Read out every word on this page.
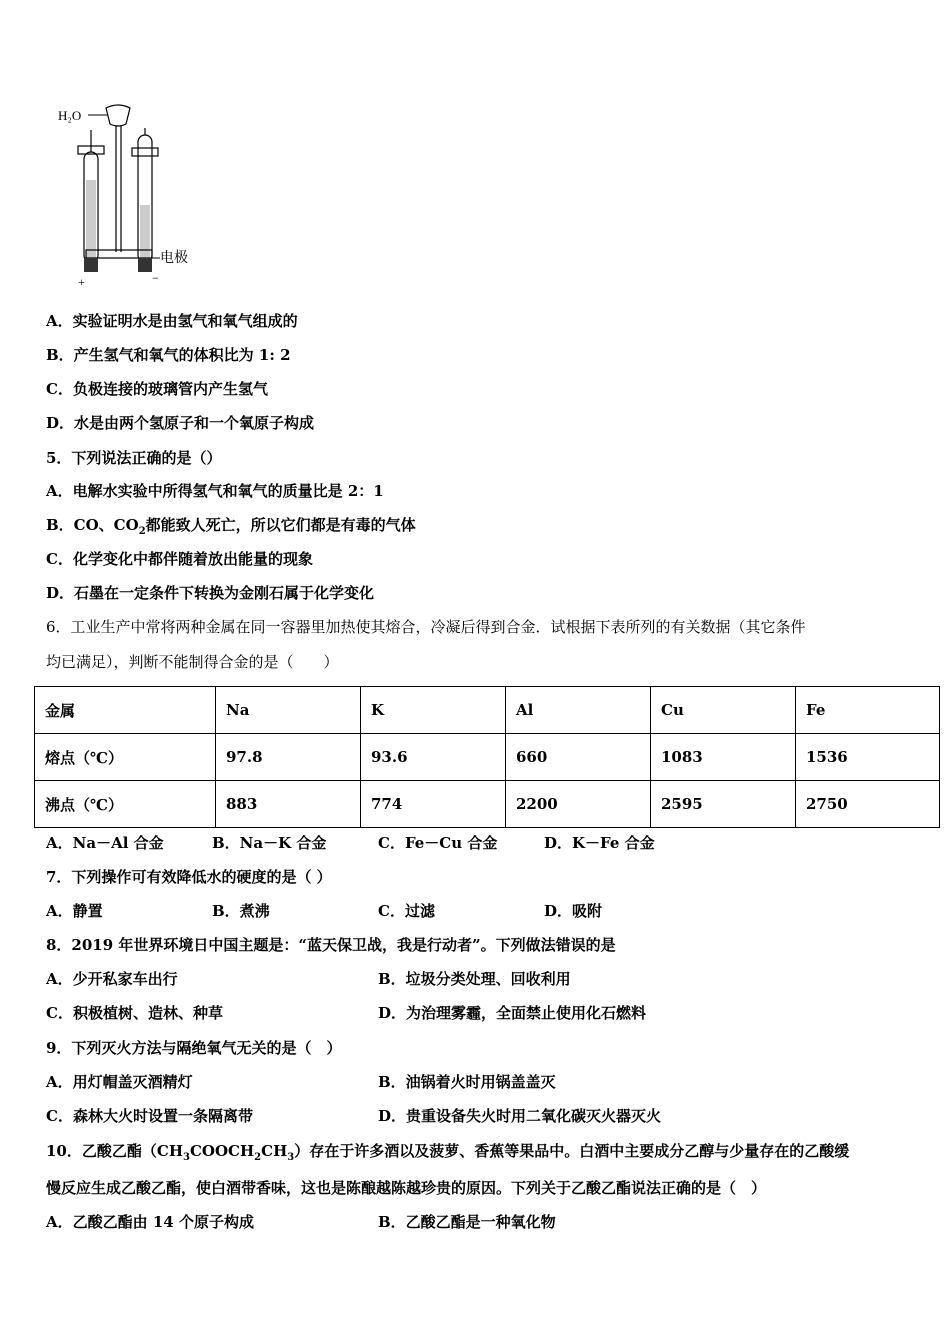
H₂O
电极
+	−
A．实验证明水是由氢气和氧气组成的
B．产生氢气和氧气的体积比为 1: 2
C．负极连接的玻璃管内产生氢气
D．水是由两个氢原子和一个氧原子构成
5．下列说法正确的是（）
A．电解水实验中所得氢气和氧气的质量比是 2：1
B．CO、$CO_2$都能致人死亡，所以它们都是有毒的气体
C．化学变化中都伴随着放出能量的现象
D．石墨在一定条件下转换为金刚石属于化学变化
6．工业生产中常将两种金属在同一容器里加热使其熔合，冷凝后得到合金．试根据下表所列的有关数据（其它条件
均已满足），判断不能制得合金的是（　　）
金属	Na	K	Al	Cu	Fe
熔点（℃）	97.8	93.6	660	1083	1536
沸点（℃）	883	774	2200	2595	2750
A．Na－Al 合金	B．Na－K 合金	C．Fe－Cu 合金	D．K－Fe 合金
7．下列操作可有效降低水的硬度的是（ ）
A．静置	B．煮沸	C．过滤	D．吸附
8．2019 年世界环境日中国主题是：“蓝天保卫战，我是行动者”。下列做法错误的是
A．少开私家车出行	B．垃圾分类处理、回收利用
C．积极植树、造林、种草	D．为治理雾霾，全面禁止使用化石燃料
9．下列灭火方法与隔绝氧气无关的是（　）
A．用灯帽盖灭酒精灯	B．油锅着火时用锅盖盖灭
C．森林大火时设置一条隔离带	D．贵重设备失火时用二氧化碳灭火器灭火
10．乙酸乙酯$(CH_3COOCH_2CH_3)$存在于许多酒以及菠萝、香蕉等果品中。白酒中主要成分乙醇与少量存在的乙酸缓
慢反应生成乙酸乙酯，使白酒带香味，这也是陈酿越陈越珍贵的原因。下列关于乙酸乙酯说法正确的是（　）
A．乙酸乙酯由 14 个原子构成	B．乙酸乙酯是一种氧化物
